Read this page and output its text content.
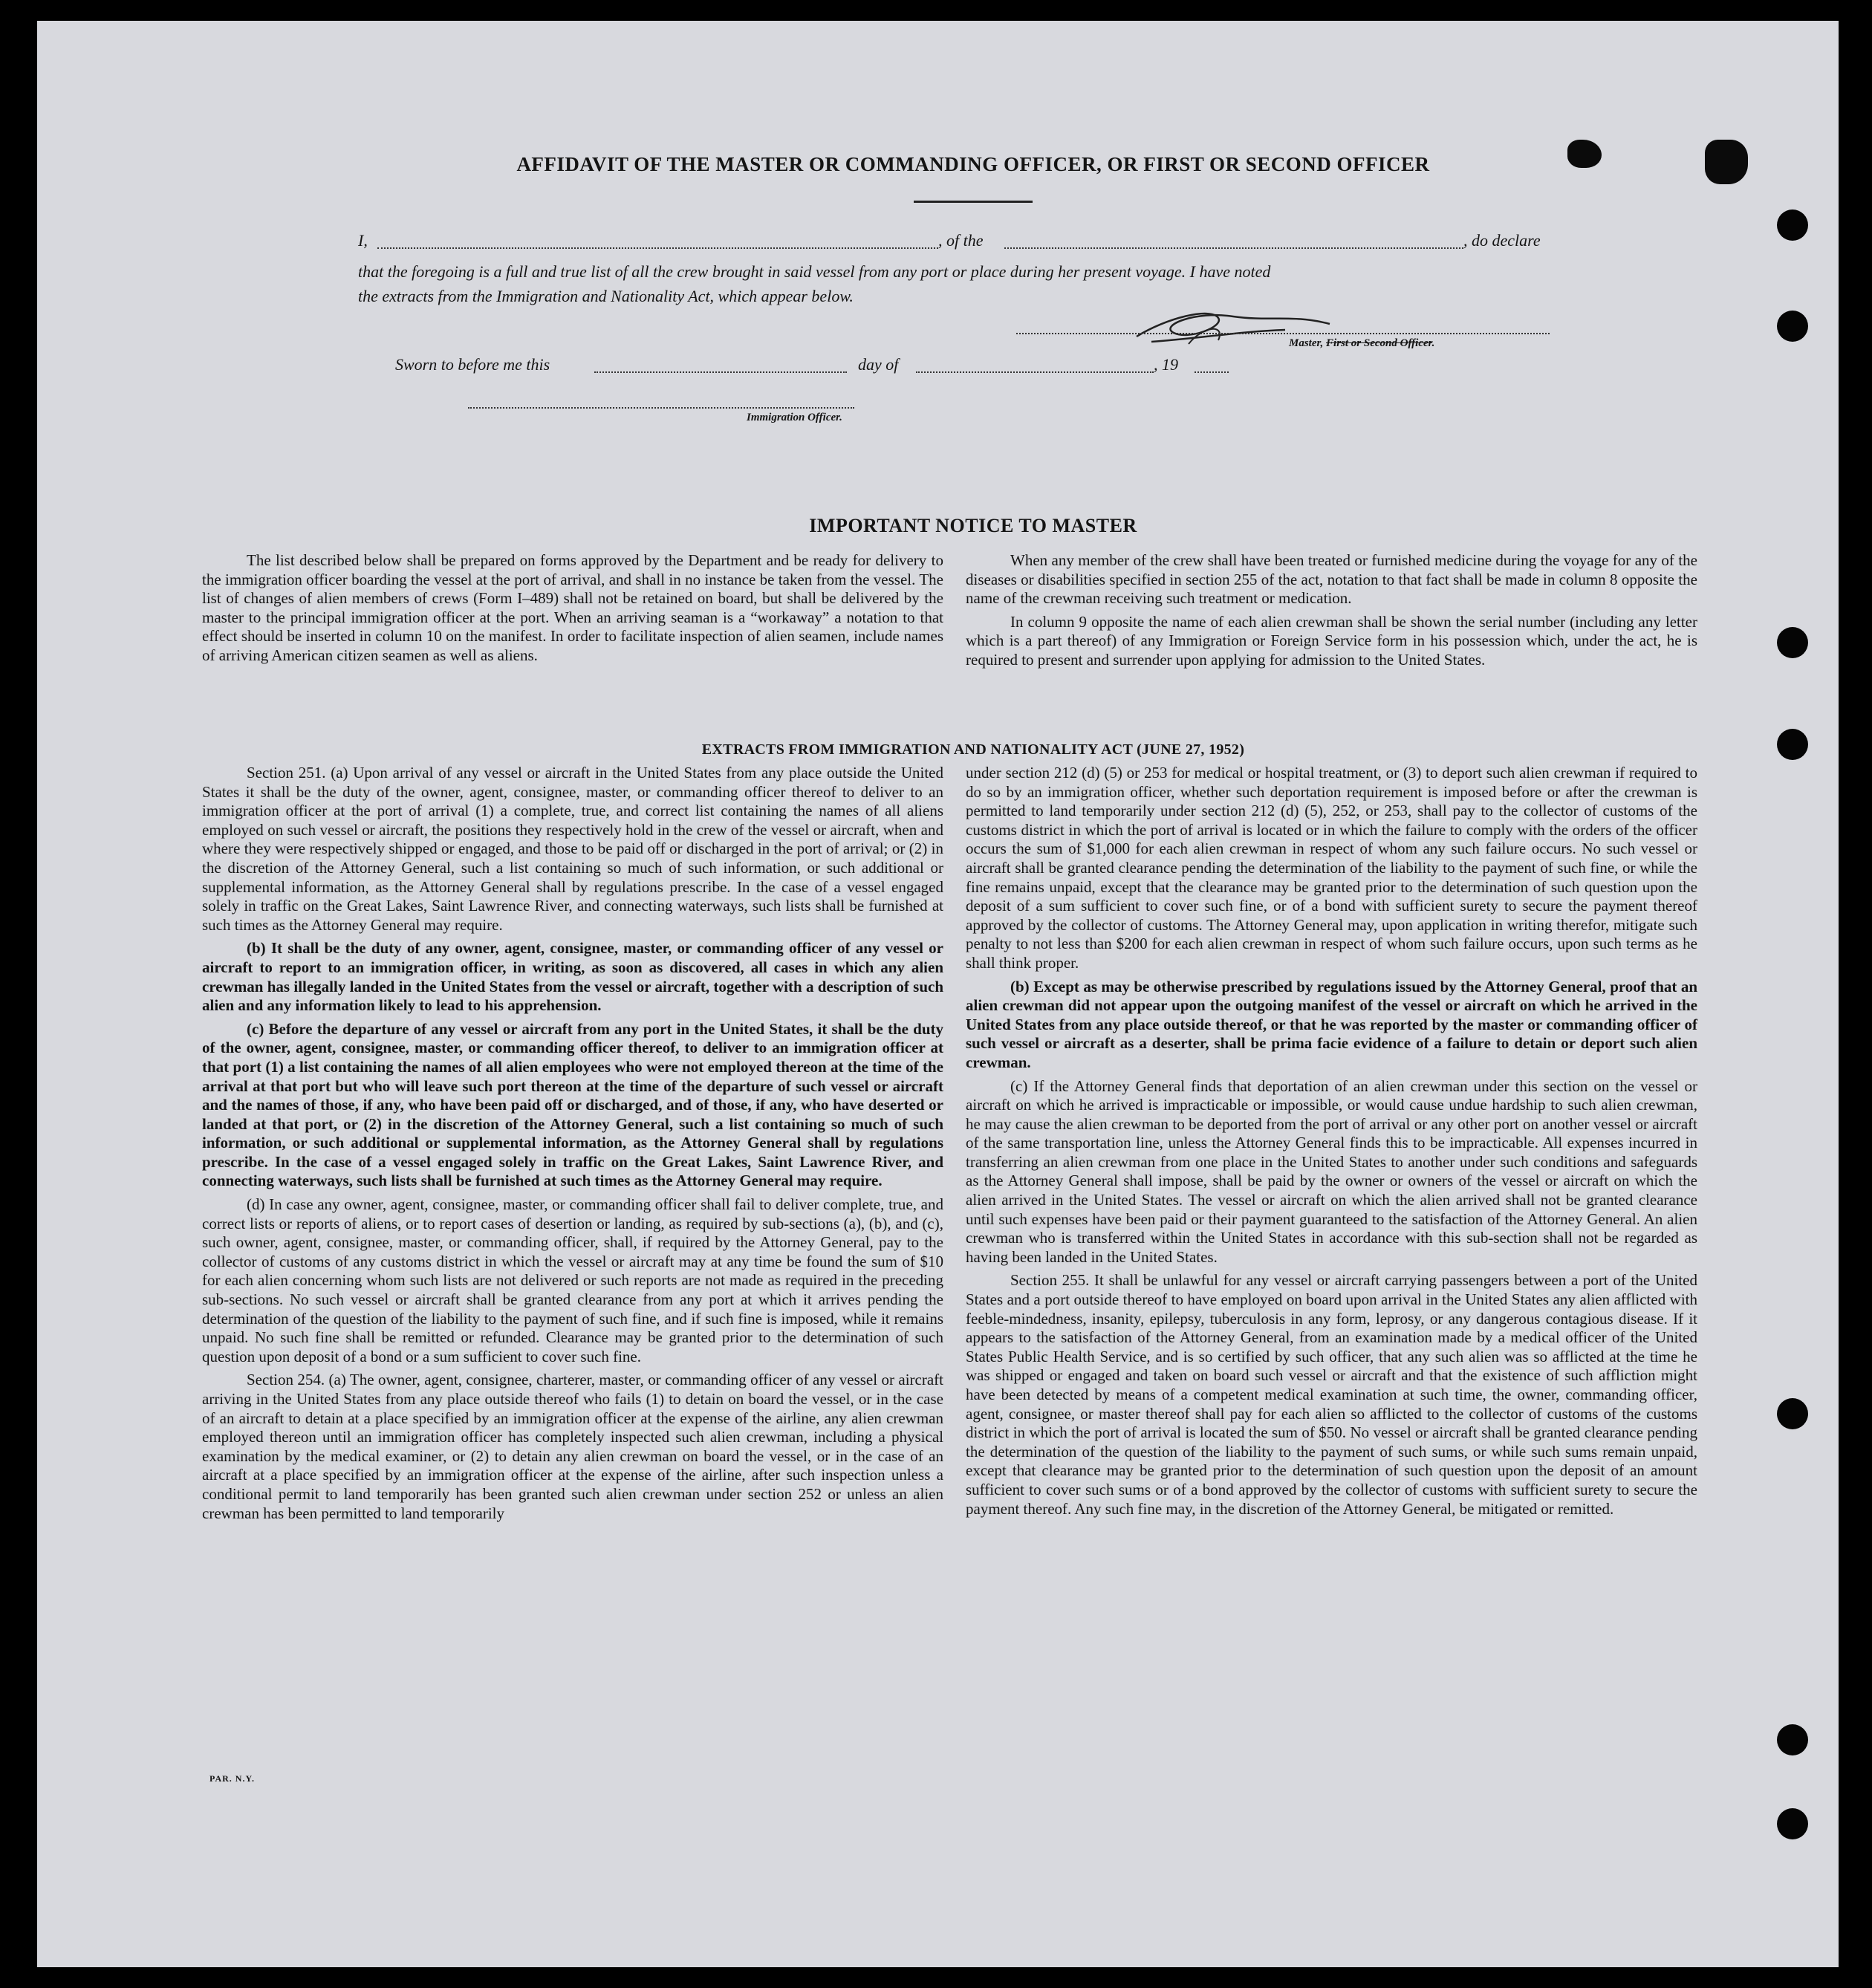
AFFIDAVIT OF THE MASTER OR COMMANDING OFFICER, OR FIRST OR SECOND OFFICER
I,	, of the	, do declare
that the foregoing is a full and true list of all the crew brought in said vessel from any port or place during her present voyage. I have noted
the extracts from the Immigration and Nationality Act, which appear below.
Master, First or Second Officer.
Sworn to before me this	day of	, 19
Immigration Officer.
IMPORTANT NOTICE TO MASTER

The list described below shall be prepared on forms approved by the Department and be ready for delivery to the immigration officer boarding the vessel at the port of arrival, and shall in no instance be taken from the vessel. The list of changes of alien members of crews (Form I–489) shall not be retained on board, but shall be delivered by the master to the principal immigration officer at the port. When an arriving seaman is a “workaway” a notation to that effect should be inserted in column 10 on the manifest. In order to facilitate inspection of alien seamen, include names of arriving American citizen seamen as well as aliens.

When any member of the crew shall have been treated or furnished medicine during the voyage for any of the diseases or disabilities specified in section 255 of the act, notation to that fact shall be made in column 8 opposite the name of the crewman receiving such treatment or medication.

In column 9 opposite the name of each alien crewman shall be shown the serial number (including any letter which is a part thereof) of any Immigration or Foreign Service form in his possession which, under the act, he is required to present and surrender upon applying for admission to the United States.

EXTRACTS FROM IMMIGRATION AND NATIONALITY ACT (JUNE 27, 1952)

Section 251. (a) Upon arrival of any vessel or aircraft in the United States from any place outside the United States it shall be the duty of the owner, agent, consignee, master, or commanding officer thereof to deliver to an immigration officer at the port of arrival (1) a complete, true, and correct list containing the names of all aliens employed on such vessel or aircraft, the positions they respectively hold in the crew of the vessel or aircraft, when and where they were respectively shipped or engaged, and those to be paid off or discharged in the port of arrival; or (2) in the discretion of the Attorney General, such a list containing so much of such information, or such additional or supplemental information, as the Attorney General shall by regulations prescribe. In the case of a vessel engaged solely in traffic on the Great Lakes, Saint Lawrence River, and connecting waterways, such lists shall be furnished at such times as the Attorney General may require.

(b) It shall be the duty of any owner, agent, consignee, master, or commanding officer of any vessel or aircraft to report to an immigration officer, in writing, as soon as discovered, all cases in which any alien crewman has illegally landed in the United States from the vessel or aircraft, together with a description of such alien and any information likely to lead to his apprehension.

(c) Before the departure of any vessel or aircraft from any port in the United States, it shall be the duty of the owner, agent, consignee, master, or commanding officer thereof, to deliver to an immigration officer at that port (1) a list containing the names of all alien employees who were not employed thereon at the time of the arrival at that port but who will leave such port thereon at the time of the departure of such vessel or aircraft and the names of those, if any, who have been paid off or discharged, and of those, if any, who have deserted or landed at that port, or (2) in the discretion of the Attorney General, such a list containing so much of such information, or such additional or supplemental information, as the Attorney General shall by regulations prescribe. In the case of a vessel engaged solely in traffic on the Great Lakes, Saint Lawrence River, and connecting waterways, such lists shall be furnished at such times as the Attorney General may require.

(d) In case any owner, agent, consignee, master, or commanding officer shall fail to deliver complete, true, and correct lists or reports of aliens, or to report cases of desertion or landing, as required by sub-sections (a), (b), and (c), such owner, agent, consignee, master, or commanding officer, shall, if required by the Attorney General, pay to the collector of customs of any customs district in which the vessel or aircraft may at any time be found the sum of $10 for each alien concerning whom such lists are not delivered or such reports are not made as required in the preceding sub-sections. No such vessel or aircraft shall be granted clearance from any port at which it arrives pending the determination of the question of the liability to the payment of such fine, and if such fine is imposed, while it remains unpaid. No such fine shall be remitted or refunded. Clearance may be granted prior to the determination of such question upon deposit of a bond or a sum sufficient to cover such fine.

Section 254. (a) The owner, agent, consignee, charterer, master, or commanding officer of any vessel or aircraft arriving in the United States from any place outside thereof who fails (1) to detain on board the vessel, or in the case of an aircraft to detain at a place specified by an immigration officer at the expense of the airline, any alien crewman employed thereon until an immigration officer has completely inspected such alien crewman, including a physical examination by the medical examiner, or (2) to detain any alien crewman on board the vessel, or in the case of an aircraft at a place specified by an immigration officer at the expense of the airline, after such inspection unless a conditional permit to land temporarily has been granted such alien crewman under section 252 or unless an alien crewman has been permitted to land temporarily

under section 212 (d) (5) or 253 for medical or hospital treatment, or (3) to deport such alien crewman if required to do so by an immigration officer, whether such deportation requirement is imposed before or after the crewman is permitted to land temporarily under section 212 (d) (5), 252, or 253, shall pay to the collector of customs of the customs district in which the port of arrival is located or in which the failure to comply with the orders of the officer occurs the sum of $1,000 for each alien crewman in respect of whom any such failure occurs. No such vessel or aircraft shall be granted clearance pending the determination of the liability to the payment of such fine, or while the fine remains unpaid, except that the clearance may be granted prior to the determination of such question upon the deposit of a sum sufficient to cover such fine, or of a bond with sufficient surety to secure the payment thereof approved by the collector of customs. The Attorney General may, upon application in writing therefor, mitigate such penalty to not less than $200 for each alien crewman in respect of whom such failure occurs, upon such terms as he shall think proper.

(b) Except as may be otherwise prescribed by regulations issued by the Attorney General, proof that an alien crewman did not appear upon the outgoing manifest of the vessel or aircraft on which he arrived in the United States from any place outside thereof, or that he was reported by the master or commanding officer of such vessel or aircraft as a deserter, shall be prima facie evidence of a failure to detain or deport such alien crewman.

(c) If the Attorney General finds that deportation of an alien crewman under this section on the vessel or aircraft on which he arrived is impracticable or impossible, or would cause undue hardship to such alien crewman, he may cause the alien crewman to be deported from the port of arrival or any other port on another vessel or aircraft of the same transportation line, unless the Attorney General finds this to be impracticable. All expenses incurred in transferring an alien crewman from one place in the United States to another under such conditions and safeguards as the Attorney General shall impose, shall be paid by the owner or owners of the vessel or aircraft on which the alien arrived in the United States. The vessel or aircraft on which the alien arrived shall not be granted clearance until such expenses have been paid or their payment guaranteed to the satisfaction of the Attorney General. An alien crewman who is transferred within the United States in accordance with this sub-section shall not be regarded as having been landed in the United States.

Section 255. It shall be unlawful for any vessel or aircraft carrying passengers between a port of the United States and a port outside thereof to have employed on board upon arrival in the United States any alien afflicted with feeble-mindedness, insanity, epilepsy, tuberculosis in any form, leprosy, or any dangerous contagious disease. If it appears to the satisfaction of the Attorney General, from an examination made by a medical officer of the United States Public Health Service, and is so certified by such officer, that any such alien was so afflicted at the time he was shipped or engaged and taken on board such vessel or aircraft and that the existence of such affliction might have been detected by means of a competent medical examination at such time, the owner, commanding officer, agent, consignee, or master thereof shall pay for each alien so afflicted to the collector of customs of the customs district in which the port of arrival is located the sum of $50. No vessel or aircraft shall be granted clearance pending the determination of the question of the liability to the payment of such sums, or while such sums remain unpaid, except that clearance may be granted prior to the determination of such question upon the deposit of an amount sufficient to cover such sums or of a bond approved by the collector of customs with sufficient surety to secure the payment thereof. Any such fine may, in the discretion of the Attorney General, be mitigated or remitted.

PAR. N.Y.
